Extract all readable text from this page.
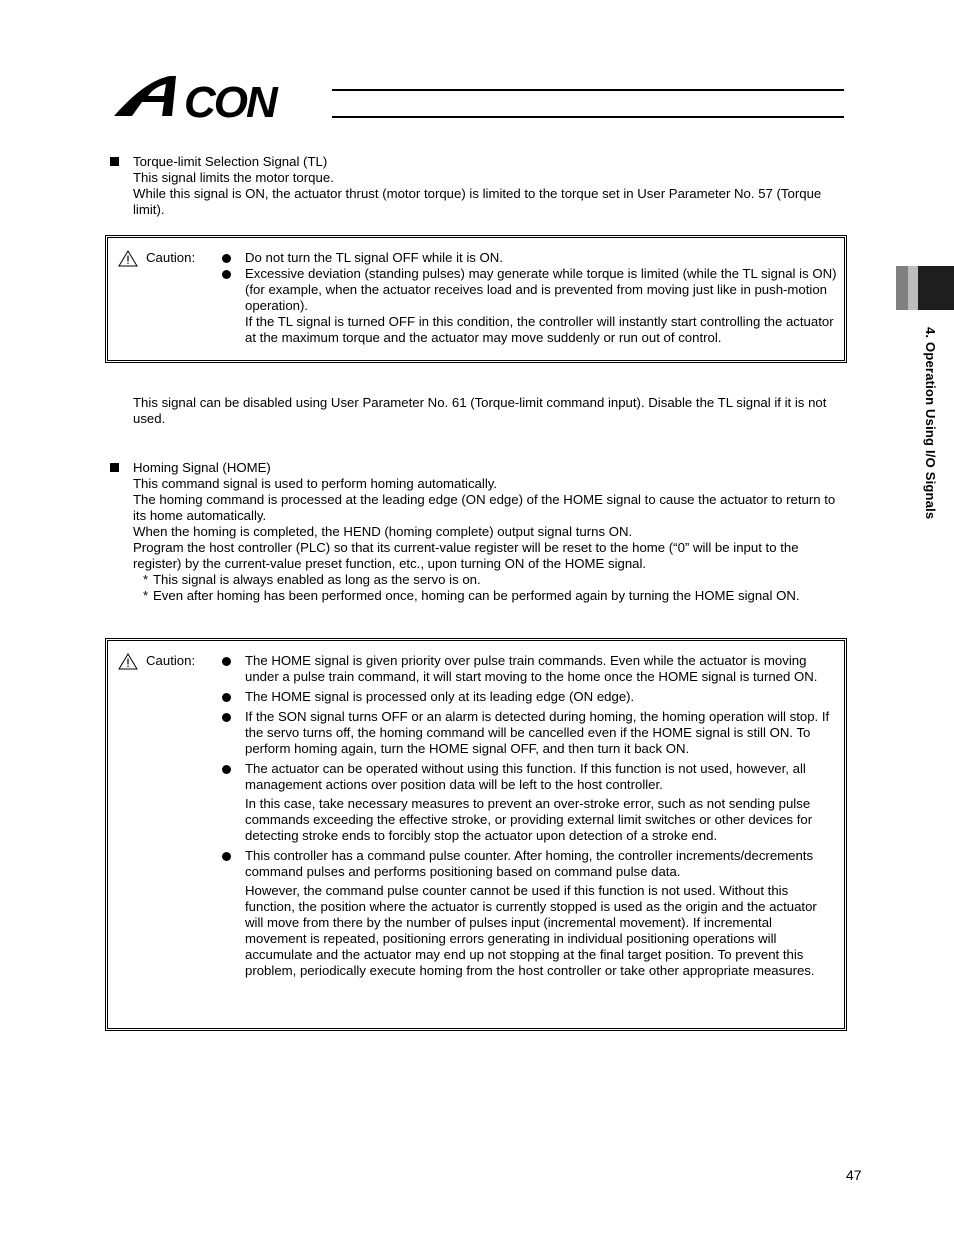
CON
4. Operation Using I/O Signals
Torque-limit Selection Signal (TL)
This signal limits the motor torque.
While this signal is ON, the actuator thrust (motor torque) is limited to the torque set in User Parameter No. 57 (Torque limit).
Caution:	Do not turn the TL signal OFF while it is ON.
Excessive deviation (standing pulses) may generate while torque is limited (while the TL signal is ON) (for example, when the actuator receives load and is prevented from moving just like in push-motion operation).
If the TL signal is turned OFF in this condition, the controller will instantly start controlling the actuator at the maximum torque and the actuator may move suddenly or run out of control.
This signal can be disabled using User Parameter No. 61 (Torque-limit command input). Disable the TL signal if it is not used.
Homing Signal (HOME)
This command signal is used to perform homing automatically.
The homing command is processed at the leading edge (ON edge) of the HOME signal to cause the actuator to return to its home automatically.
When the homing is completed, the HEND (homing complete) output signal turns ON.
Program the host controller (PLC) so that its current-value register will be reset to the home (“0” will be input to the register) by the current-value preset function, etc., upon turning ON of the HOME signal.
* This signal is always enabled as long as the servo is on.
* Even after homing has been performed once, homing can be performed again by turning the HOME signal ON.
Caution:	The HOME signal is given priority over pulse train commands. Even while the actuator is moving under a pulse train command, it will start moving to the home once the HOME signal is turned ON.
The HOME signal is processed only at its leading edge (ON edge).
If the SON signal turns OFF or an alarm is detected during homing, the homing operation will stop. If the servo turns off, the homing command will be cancelled even if the HOME signal is still ON. To perform homing again, turn the HOME signal OFF, and then turn it back ON.
The actuator can be operated without using this function. If this function is not used, however, all management actions over position data will be left to the host controller.
In this case, take necessary measures to prevent an over-stroke error, such as not sending pulse commands exceeding the effective stroke, or providing external limit switches or other devices for detecting stroke ends to forcibly stop the actuator upon detection of a stroke end.
This controller has a command pulse counter. After homing, the controller increments/decrements command pulses and performs positioning based on command pulse data.
However, the command pulse counter cannot be used if this function is not used. Without this function, the position where the actuator is currently stopped is used as the origin and the actuator will move from there by the number of pulses input (incremental movement). If incremental movement is repeated, positioning errors generating in individual positioning operations will accumulate and the actuator may end up not stopping at the final target position. To prevent this problem, periodically execute homing from the host controller or take other appropriate measures.
47
